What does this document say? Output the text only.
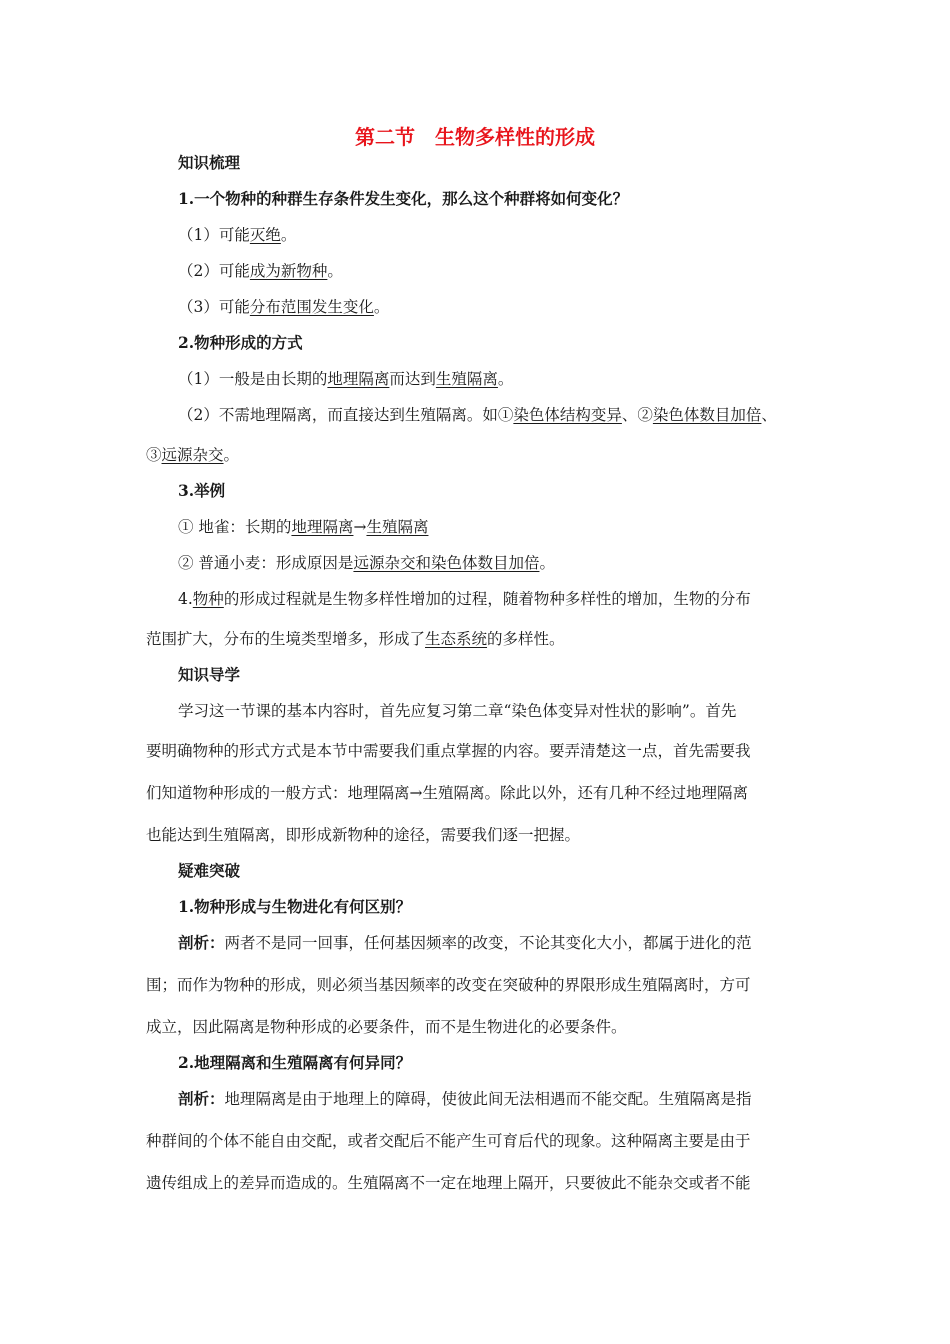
第二节　生物多样性的形成
知识梳理
1.一个物种的种群生存条件发生变化，那么这个种群将如何变化？
（1）可能灭绝。
（2）可能成为新物种。
（3）可能分布范围发生变化。
2.物种形成的方式
（1）一般是由长期的地理隔离而达到生殖隔离。
（2）不需地理隔离，而直接达到生殖隔离。如①染色体结构变异、②染色体数目加倍、
③远源杂交。
3.举例
① 地雀：长期的地理隔离→生殖隔离
② 普通小麦：形成原因是远源杂交和染色体数目加倍。
4.物种的形成过程就是生物多样性增加的过程，随着物种多样性的增加，生物的分布
范围扩大，分布的生境类型增多，形成了生态系统的多样性。
知识导学
学习这一节课的基本内容时，首先应复习第二章“染色体变异对性状的影响”。首先
要明确物种的形式方式是本节中需要我们重点掌握的内容。要弄清楚这一点，首先需要我
们知道物种形成的一般方式：地理隔离→生殖隔离。除此以外，还有几种不经过地理隔离
也能达到生殖隔离，即形成新物种的途径，需要我们逐一把握。
疑难突破
1.物种形成与生物进化有何区别？
剖析：两者不是同一回事，任何基因频率的改变，不论其变化大小，都属于进化的范
围；而作为物种的形成，则必须当基因频率的改变在突破种的界限形成生殖隔离时，方可
成立，因此隔离是物种形成的必要条件，而不是生物进化的必要条件。
2.地理隔离和生殖隔离有何异同？
剖析：地理隔离是由于地理上的障碍，使彼此间无法相遇而不能交配。生殖隔离是指
种群间的个体不能自由交配，或者交配后不能产生可育后代的现象。这种隔离主要是由于
遗传组成上的差异而造成的。生殖隔离不一定在地理上隔开，只要彼此不能杂交或者不能
